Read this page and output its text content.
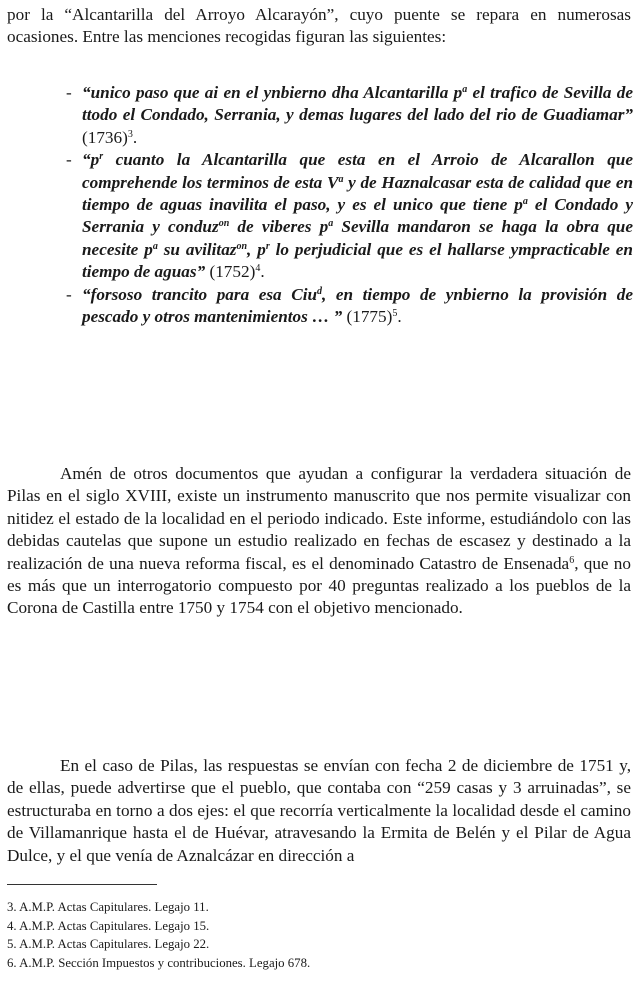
por la “Alcantarilla del Arroyo Alcarayón”, cuyo puente se repara en numerosas ocasiones. Entre las menciones recogidas figuran las siguientes:

- “unico paso que ai en el ynbierno dha Alcantarilla $p^a$ el trafico de Sevilla de ttodo el Condado, Serrania, y demas lugares del lado del rio de Guadiamar” $(1736)^3$.
- “$p^r$ cuanto la Alcantarilla que esta en el Arroio de Alcarallon que comprehende los terminos de esta $V^a$ y de Haznalcasar esta de calidad que en tiempo de aguas inavilita el paso, y es el unico que tiene $p^a$ el Condado y Serrania y conduz$^{on}$ de viberes $p^a$ Sevilla mandaron se haga la obra que necesite $p^a$ su avilitaz$^{on}$, $p^r$ lo perjudicial que es el hallarse ympracticable en tiempo de aguas” $(1752)^4$.
- “forsoso trancito para esa Ciu$^d$, en tiempo de ynbierno la provisión de pescado y otros mantenimientos … ” $(1775)^5$.

Amén de otros documentos que ayudan a configurar la verdadera situación de Pilas en el siglo XVIII, existe un instrumento manuscrito que nos permite visualizar con nitidez el estado de la localidad en el periodo indicado. Este informe, estudiándolo con las debidas cautelas que supone un estudio realizado en fechas de escasez y destinado a la realización de una nueva reforma fiscal, es el denominado Catastro de Ensenada$^6$, que no es más que un interrogatorio compuesto por 40 preguntas realizado a los pueblos de la Corona de Castilla entre 1750 y 1754 con el objetivo mencionado.

En el caso de Pilas, las respuestas se envían con fecha 2 de diciembre de 1751 y, de ellas, puede advertirse que el pueblo, que contaba con “259 casas y 3 arruinadas”, se estructuraba en torno a dos ejes: el que recorría verticalmente la localidad desde el camino de Villamanrique hasta el de Huévar, atravesando la Ermita de Belén y el Pilar de Agua Dulce, y el que venía de Aznalcázar en dirección a

3. A.M.P. Actas Capitulares. Legajo 11.
4. A.M.P. Actas Capitulares. Legajo 15.
5. A.M.P. Actas Capitulares. Legajo 22.
6. A.M.P. Sección Impuestos y contribuciones. Legajo 678.
